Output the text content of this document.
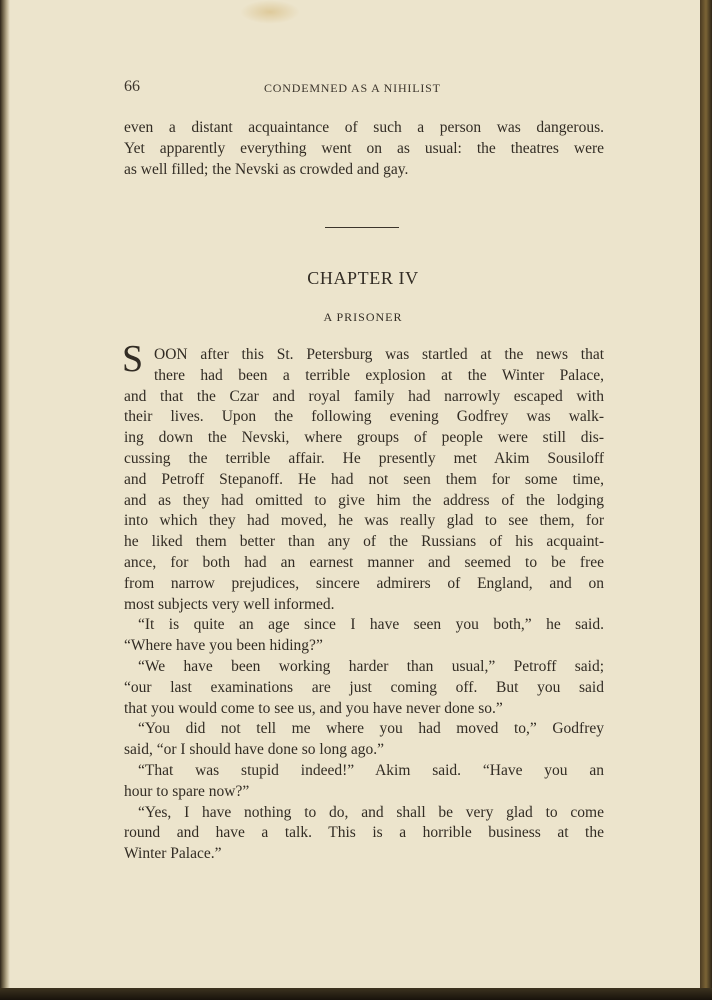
66	CONDEMNED AS A NIHILIST
even a distant acquaintance of such a person was dangerous.
Yet apparently everything went on as usual: the theatres were
as well filled; the Nevski as crowded and gay.
CHAPTER IV
A PRISONER
S OON after this St. Petersburg was startled at the news that
there had been a terrible explosion at the Winter Palace,
and that the Czar and royal family had narrowly escaped with
their lives. Upon the following evening Godfrey was walk-
ing down the Nevski, where groups of people were still dis-
cussing the terrible affair. He presently met Akim Sousiloff
and Petroff Stepanoff. He had not seen them for some time,
and as they had omitted to give him the address of the lodging
into which they had moved, he was really glad to see them, for
he liked them better than any of the Russians of his acquaint-
ance, for both had an earnest manner and seemed to be free
from narrow prejudices, sincere admirers of England, and on
most subjects very well informed.
“It is quite an age since I have seen you both,” he said.
“Where have you been hiding?”
“We have been working harder than usual,” Petroff said;
“our last examinations are just coming off. But you said
that you would come to see us, and you have never done so.”
“You did not tell me where you had moved to,” Godfrey
said, “or I should have done so long ago.”
“That was stupid indeed!” Akim said. “Have you an
hour to spare now?”
“Yes, I have nothing to do, and shall be very glad to come
round and have a talk. This is a horrible business at the
Winter Palace.”
